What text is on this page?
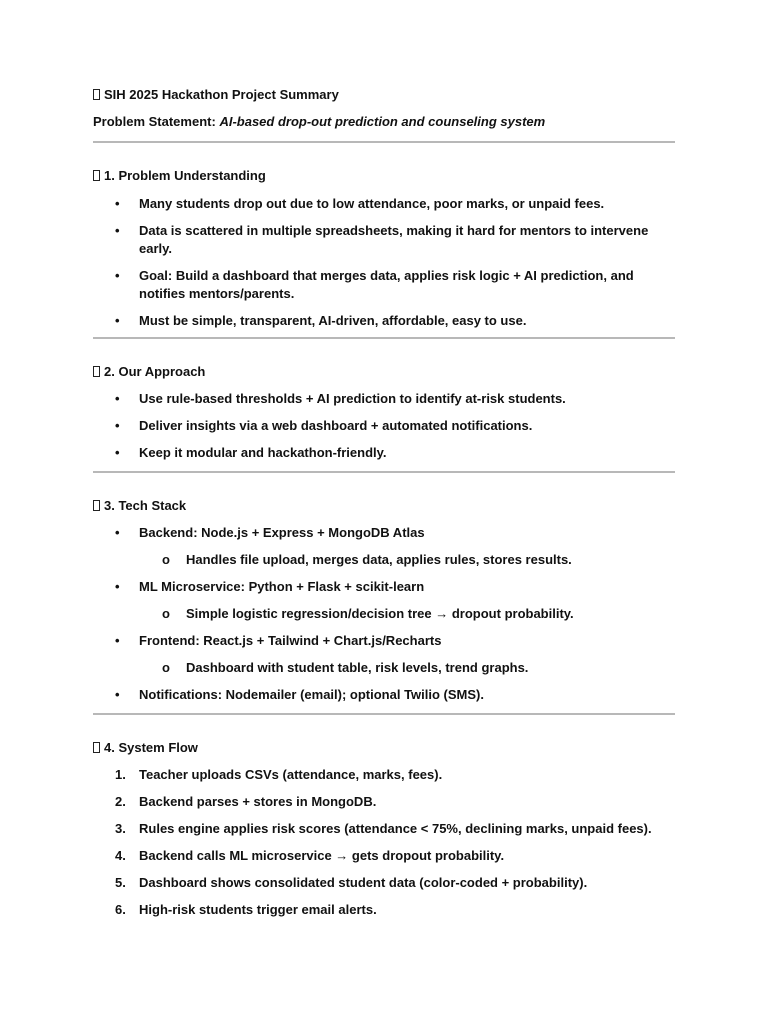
SIH 2025 Hackathon Project Summary
Problem Statement: AI-based drop-out prediction and counseling system
1. Problem Understanding
• Many students drop out due to low attendance, poor marks, or unpaid fees.
• Data is scattered in multiple spreadsheets, making it hard for mentors to intervene early.
• Goal: Build a dashboard that merges data, applies risk logic + AI prediction, and notifies mentors/parents.
• Must be simple, transparent, AI-driven, affordable, easy to use.
2. Our Approach
• Use rule-based thresholds + AI prediction to identify at-risk students.
• Deliver insights via a web dashboard + automated notifications.
• Keep it modular and hackathon-friendly.
3. Tech Stack
• Backend: Node.js + Express + MongoDB Atlas
o Handles file upload, merges data, applies rules, stores results.
• ML Microservice: Python + Flask + scikit-learn
o Simple logistic regression/decision tree → dropout probability.
• Frontend: React.js + Tailwind + Chart.js/Recharts
o Dashboard with student table, risk levels, trend graphs.
• Notifications: Nodemailer (email); optional Twilio (SMS).
4. System Flow
1. Teacher uploads CSVs (attendance, marks, fees).
2. Backend parses + stores in MongoDB.
3. Rules engine applies risk scores (attendance < 75%, declining marks, unpaid fees).
4. Backend calls ML microservice → gets dropout probability.
5. Dashboard shows consolidated student data (color-coded + probability).
6. High-risk students trigger email alerts.
